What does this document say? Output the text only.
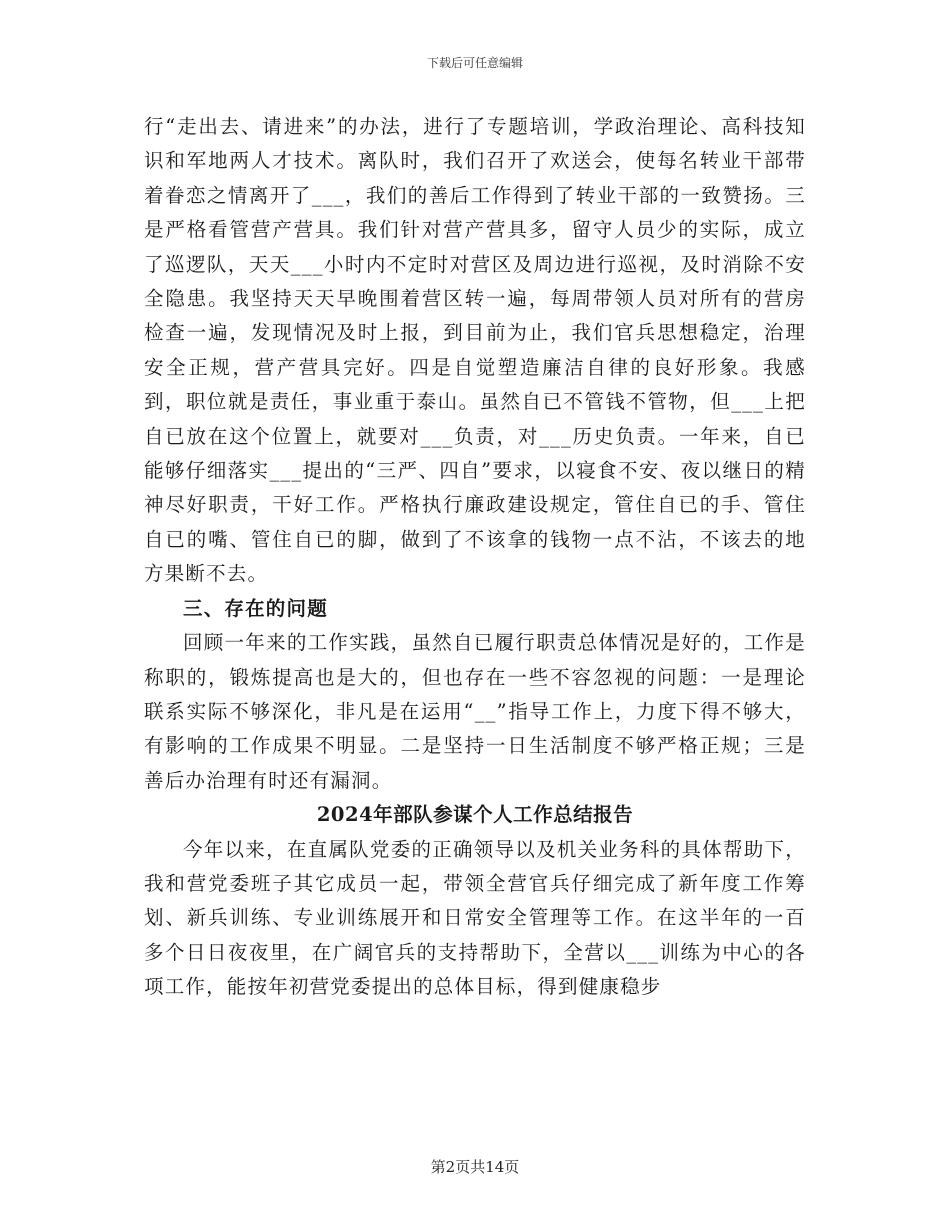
下载后可任意编辑

行“走出去、请进来”的办法，进行了专题培训，学政治理论、高科技知识和军地两人才技术。离队时，我们召开了欢送会，使每名转业干部带着眷恋之情离开了___，我们的善后工作得到了转业干部的一致赞扬。三是严格看管营产营具。我们针对营产营具多，留守人员少的实际，成立了巡逻队，天天___小时内不定时对营区及周边进行巡视，及时消除不安全隐患。我坚持天天早晚围着营区转一遍，每周带领人员对所有的营房检查一遍，发现情况及时上报，到目前为止，我们官兵思想稳定，治理安全正规，营产营具完好。四是自觉塑造廉洁自律的良好形象。我感到，职位就是责任，事业重于泰山。虽然自已不管钱不管物，但___上把自已放在这个位置上，就要对___负责，对___历史负责。一年来，自已能够仔细落实___提出的“三严、四自”要求，以寝食不安、夜以继日的精神尽好职责，干好工作。严格执行廉政建设规定，管住自已的手、管住自已的嘴、管住自已的脚，做到了不该拿的钱物一点不沾，不该去的地方果断不去。

三、存在的问题

回顾一年来的工作实践，虽然自已履行职责总体情况是好的，工作是称职的，锻炼提高也是大的，但也存在一些不容忽视的问题：一是理论联系实际不够深化，非凡是在运用“__”指导工作上，力度下得不够大，有影响的工作成果不明显。二是坚持一日生活制度不够严格正规；三是善后办治理有时还有漏洞。

2024年部队参谋个人工作总结报告

今年以来，在直属队党委的正确领导以及机关业务科的具体帮助下，我和营党委班子其它成员一起，带领全营官兵仔细完成了新年度工作筹划、新兵训练、专业训练展开和日常安全管理等工作。在这半年的一百多个日日夜夜里，在广阔官兵的支持帮助下，全营以___训练为中心的各项工作，能按年初营党委提出的总体目标，得到健康稳步

第2页共14页
